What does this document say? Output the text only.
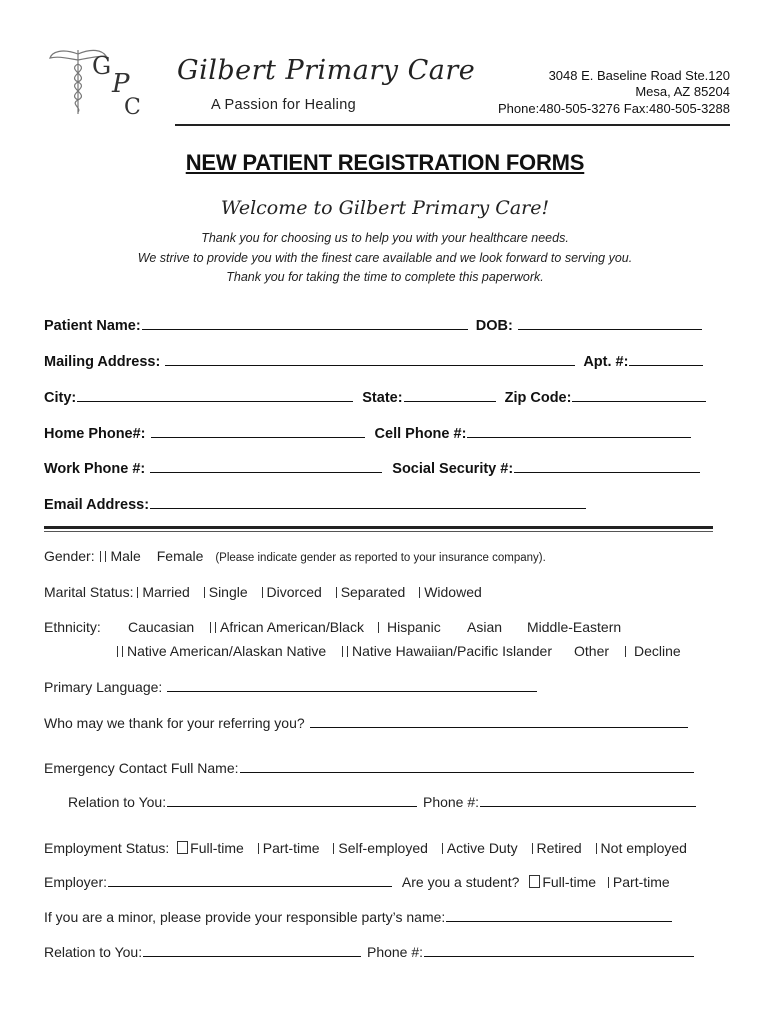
G
P
C
Gilbert Primary Care
A Passion for Healing
3048 E. Baseline Road Ste.120
Mesa, AZ 85204
Phone:480-505-3276 Fax:480-505-3288
NEW PATIENT REGISTRATION FORMS
Welcome to Gilbert Primary Care!
Thank you for choosing us to help you with your healthcare needs.
We strive to provide you with the finest care available and we look forward to serving you.
Thank you for taking the time to complete this paperwork.
Patient Name:	DOB:
Mailing Address:	Apt. #:
City:	State:	Zip Code:
Home Phone#:	Cell Phone #:
Work Phone #:	Social Security #:
Email Address:
Gender: Male Female (Please indicate gender as reported to your insurance company).
Marital Status: Married Single Divorced Separated Widowed
Ethnicity: Caucasian	African American/Black	Hispanic Asian Middle-Eastern
Native American/Alaskan Native	Native Hawaiian/Pacific Islander Other	Decline
Primary Language:
Who may we thank for your referring you?
Emergency Contact Full Name:
Relation to You:	Phone #:
Employment Status: Full-time Part-time Self-employed Active Duty Retired Not employed
Employer:	Are you a student? Full-time Part-time
If you are a minor, please provide your responsible party’s name:
Relation to You:	Phone #:
